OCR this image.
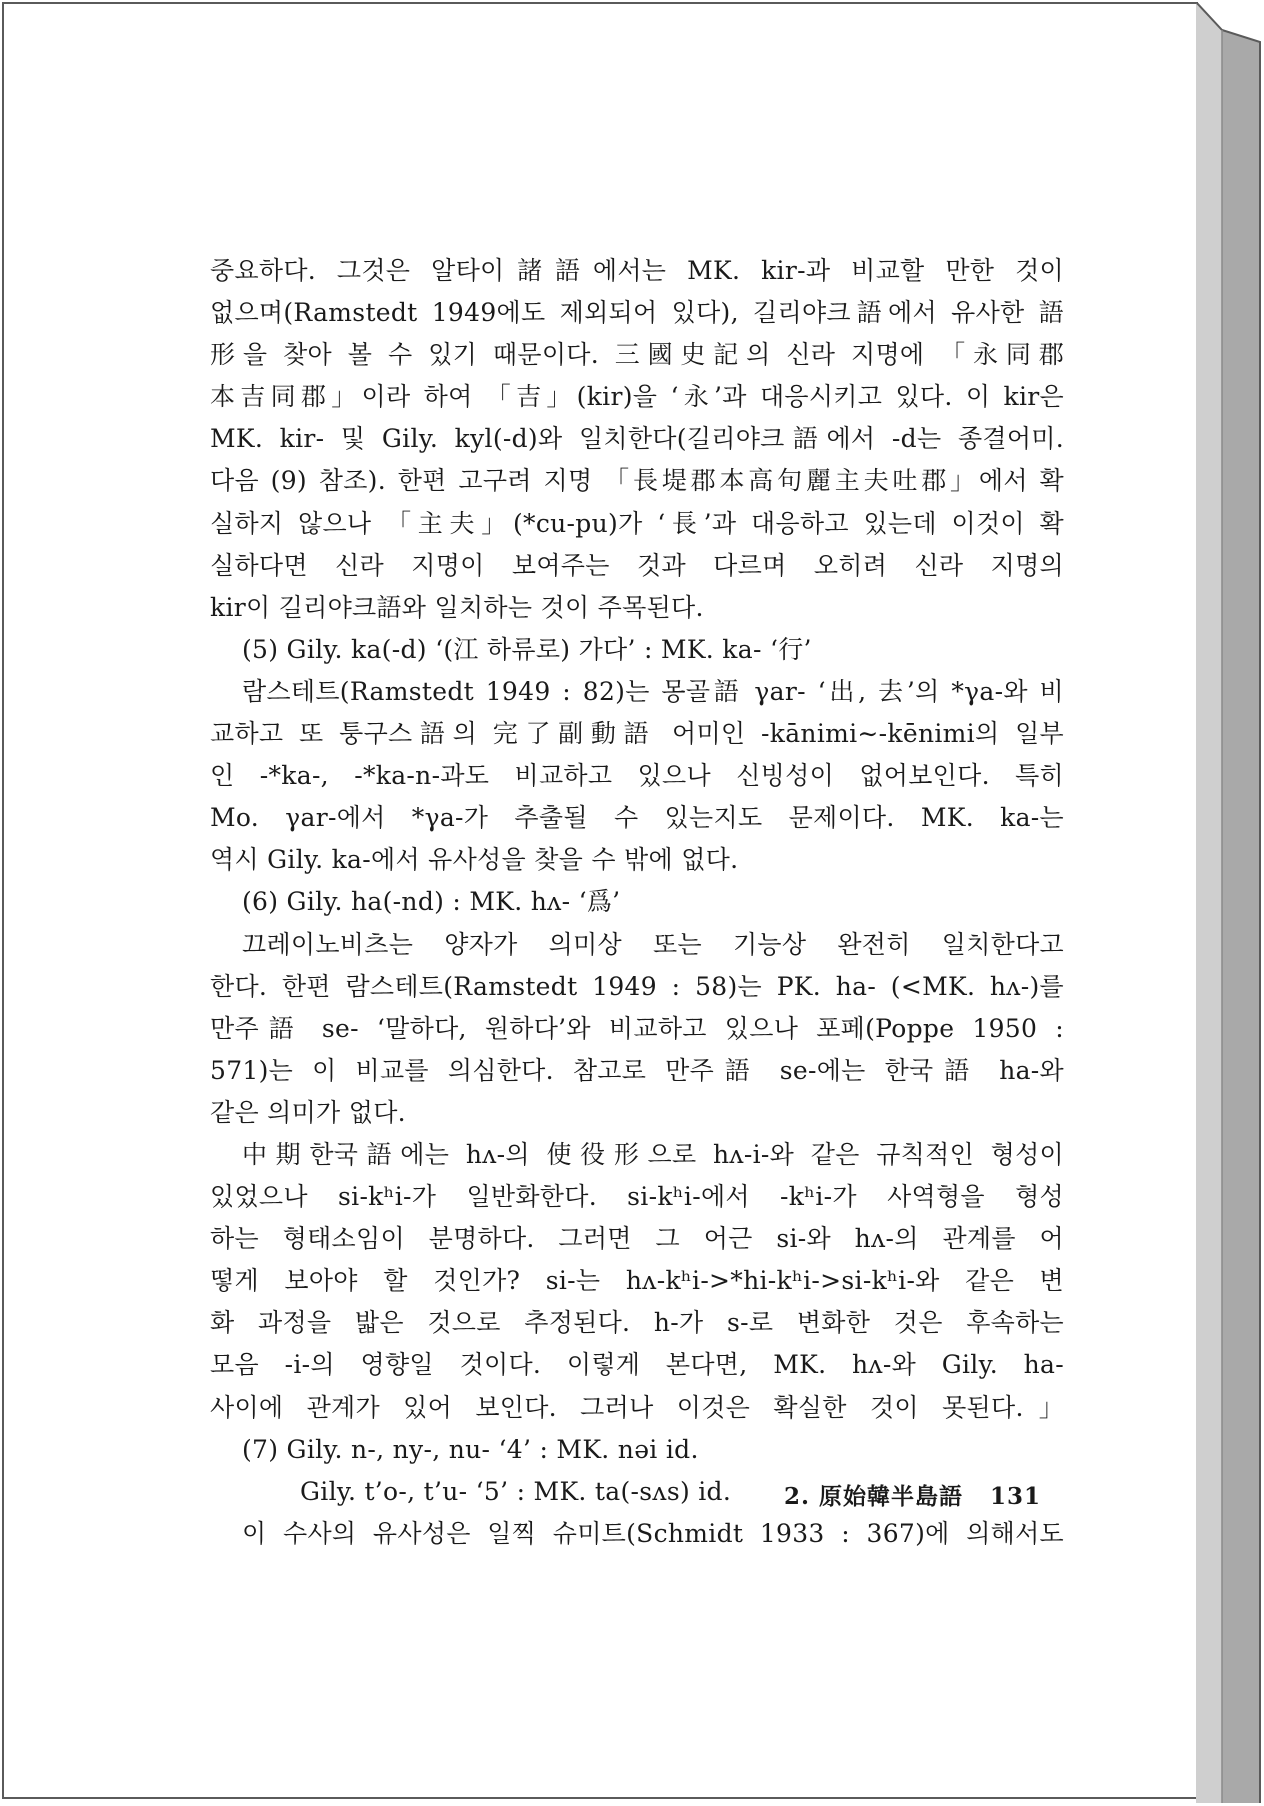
중요하다. 그것은 알타이諸語에서는 MK. kir-과 비교할 만한 것이
없으며(Ramstedt 1949에도 제외되어 있다), 길리야크語에서 유사한 語
形을 찾아 볼 수 있기 때문이다. 三國史記의 신라 지명에 「永同郡
本吉同郡」이라 하여 「吉」(kir)을 ‘永’과 대응시키고 있다. 이 kir은
MK. kir- 및 Gily. kyl(-d)와 일치한다(길리야크語에서 -d는 종결어미.
다음 (9) 참조). 한편 고구려 지명 「長堤郡本高句麗主夫吐郡」에서 확
실하지 않으나 「主夫」(*cu-pu)가 ‘長’과 대응하고 있는데 이것이 확
실하다면 신라 지명이 보여주는 것과 다르며 오히려 신라 지명의
kir이 길리야크語와 일치하는 것이 주목된다.
(5) Gily. ka(-d) ‘(江 하류로) 가다’ : MK. ka- ‘行’
람스테트(Ramstedt 1949 : 82)는 몽골語 γar- ‘出, 去’의 *γa-와 비
교하고 또 퉁구스語의 完了副動語 어미인 -kānimi∼-kēnimi의 일부
인 -*ka-, -*ka-n-과도 비교하고 있으나 신빙성이 없어보인다. 특히
Mo. γar-에서 *γa-가 추출될 수 있는지도 문제이다. MK. ka-는
역시 Gily. ka-에서 유사성을 찾을 수 밖에 없다.
(6) Gily. ha(-nd) : MK. hʌ- ‘爲’
끄레이노비츠는 양자가 의미상 또는 기능상 완전히 일치한다고
한다. 한편 람스테트(Ramstedt 1949 : 58)는 PK. ha- (<MK. hʌ-)를
만주語 se- ‘말하다, 원하다’와 비교하고 있으나 포페(Poppe 1950 :
571)는 이 비교를 의심한다. 참고로 만주語 se-에는 한국語 ha-와
같은 의미가 없다.
中期한국語에는 hʌ-의 使役形으로 hʌ-i-와 같은 규칙적인 형성이
있었으나 si-kʰi-가 일반화한다. si-kʰi-에서 -kʰi-가 사역형을 형성
하는 형태소임이 분명하다. 그러면 그 어근 si-와 hʌ-의 관계를 어
떻게 보아야 할 것인가? si-는 hʌ-kʰi->*hi-kʰi->si-kʰi-와 같은 변
화 과정을 밟은 것으로 추정된다. h-가 s-로 변화한 것은 후속하는
모음 -i-의 영향일 것이다. 이렇게 본다면, MK. hʌ-와 Gily. ha-
사이에 관계가 있어 보인다. 그러나 이것은 확실한 것이 못된다.」
(7) Gily. n-, ny-, nu- ‘4’ : MK. nəi id.
Gily. t’o-, t’u- ‘5’ : MK. ta(-sʌs) id.
이 수사의 유사성은 일찍 슈미트(Schmidt 1933 : 367)에 의해서도
2. 原始韓半島語 131
